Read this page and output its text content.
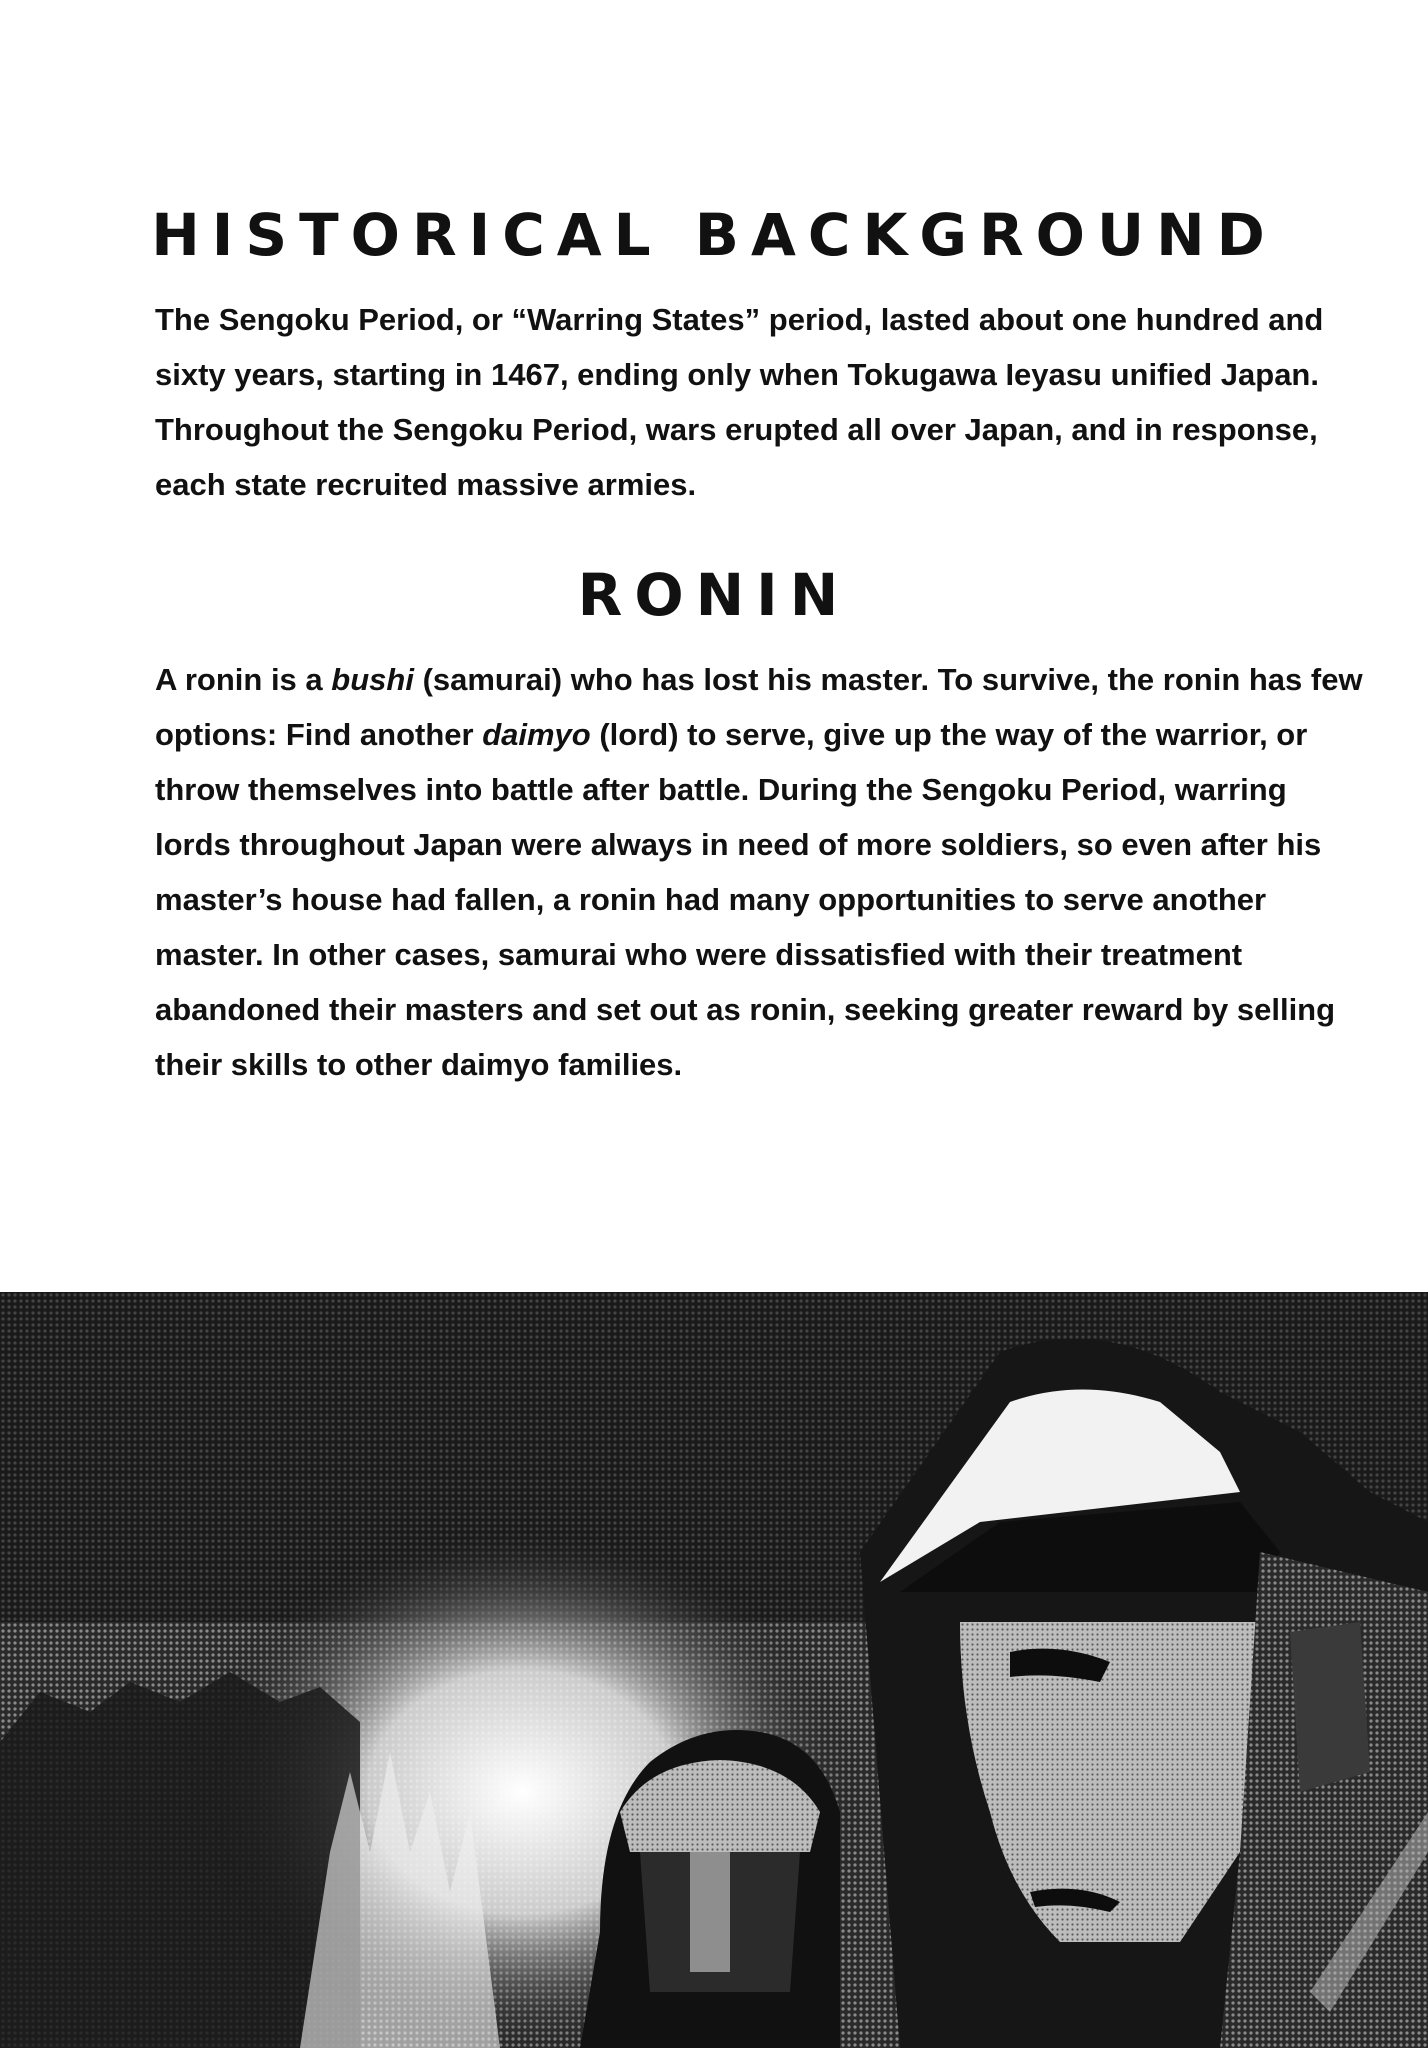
HISTORICAL BACKGROUND

The Sengoku Period, or “Warring States” period, lasted about one hundred and
sixty years, starting in 1467, ending only when Tokugawa Ieyasu unified Japan.
Throughout the Sengoku Period, wars erupted all over Japan, and in response,
each state recruited massive armies.

RONIN

A ronin is a bushi (samurai) who has lost his master. To survive, the ronin has few
options: Find another daimyo (lord) to serve, give up the way of the warrior, or
throw themselves into battle after battle. During the Sengoku Period, warring
lords throughout Japan were always in need of more soldiers, so even after his
master’s house had fallen, a ronin had many opportunities to serve another
master. In other cases, samurai who were dissatisfied with their treatment
abandoned their masters and set out as ronin, seeking greater reward by selling
their skills to other daimyo families.
